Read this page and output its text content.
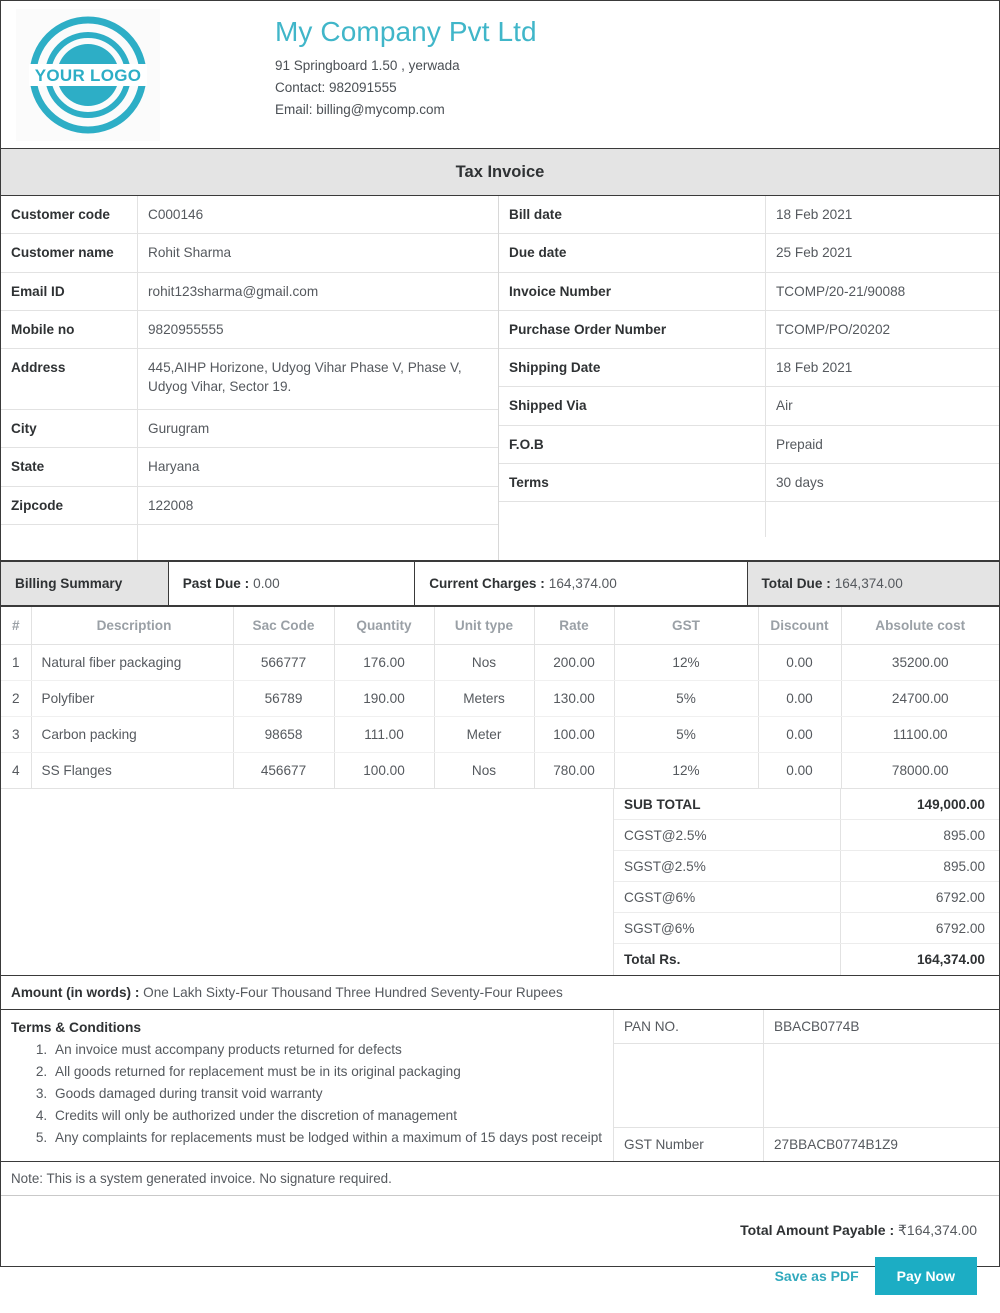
YOUR LOGO
My Company Pvt Ltd
91 Springboard 1.50 , yerwada
Contact: 982091555
Email: billing@mycomp.com
Tax Invoice
Customer code	C000146
Customer name	Rohit Sharma
Email ID	rohit123sharma@gmail.com
Mobile no	9820955555
Address	445,AIHP Horizone, Udyog Vihar Phase V, Phase V, Udyog Vihar, Sector 19.
City	Gurugram
State	Haryana
Zipcode	122008
Bill date	18 Feb 2021
Due date	25 Feb 2021
Invoice Number	TCOMP/20-21/90088
Purchase Order Number	TCOMP/PO/20202
Shipping Date	18 Feb 2021
Shipped Via	Air
F.O.B	Prepaid
Terms	30 days
Billing Summary	Past Due : 0.00	Current Charges : 164,374.00	Total Due : 164,374.00
#	Description	Sac Code	Quantity	Unit type	Rate	GST	Discount	Absolute cost
1	Natural fiber packaging	566777	176.00	Nos	200.00	12%	0.00	35200.00
2	Polyfiber	56789	190.00	Meters	130.00	5%	0.00	24700.00
3	Carbon packing	98658	111.00	Meter	100.00	5%	0.00	11100.00
4	SS Flanges	456677	100.00	Nos	780.00	12%	0.00	78000.00
SUB TOTAL	149,000.00
CGST@2.5%	895.00
SGST@2.5%	895.00
CGST@6%	6792.00
SGST@6%	6792.00
Total Rs.	164,374.00
Amount (in words) : One Lakh Sixty-Four Thousand Three Hundred Seventy-Four Rupees
Terms & Conditions
1. An invoice must accompany products returned for defects
2. All goods returned for replacement must be in its original packaging
3. Goods damaged during transit void warranty
4. Credits will only be authorized under the discretion of management
5. Any complaints for replacements must be lodged within a maximum of 15 days post receipt
PAN NO.	BBACB0774B
GST Number	27BBACB0774B1Z9
Note: This is a system generated invoice. No signature required.
Total Amount Payable : ₹164,374.00
Save as PDF	Pay Now
